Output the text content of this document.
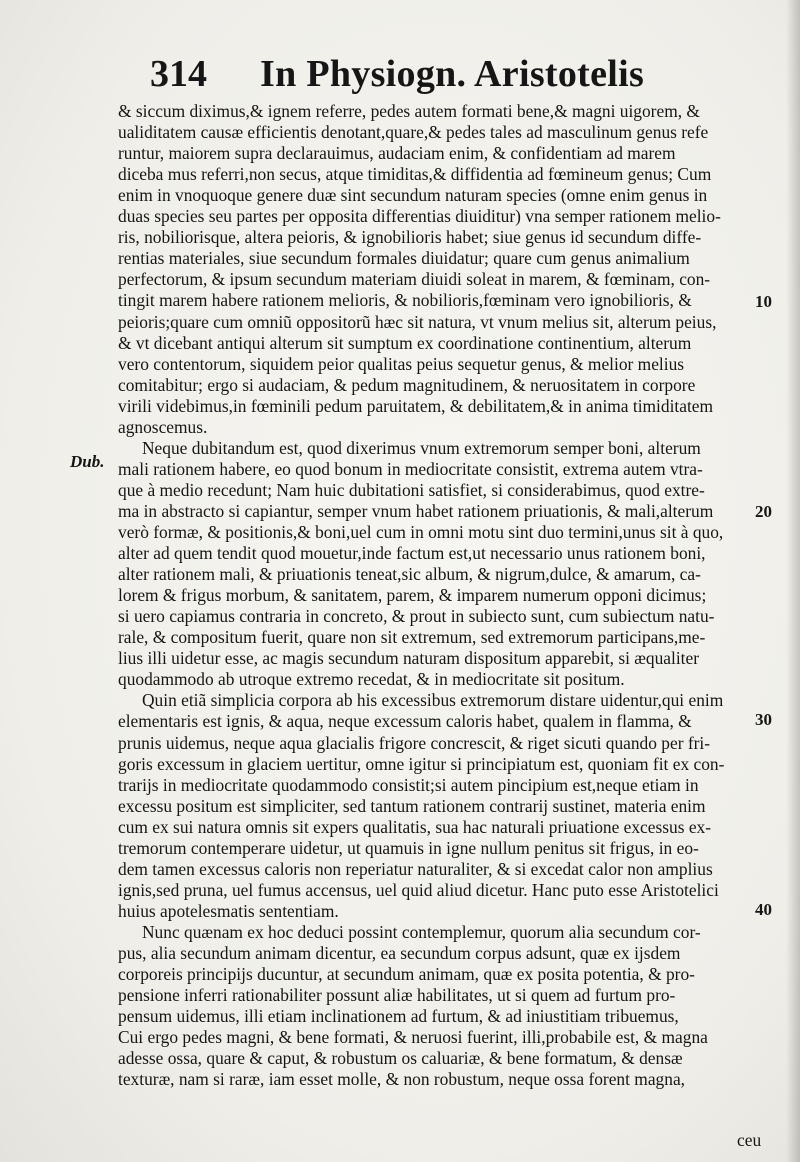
314 In Physiogn. Aristotelis
Dub.
10
20
30
40
& siccum diximus,& ignem referre, pedes autem formati bene,& magni uigorem, &
ualiditatem causæ efficientis denotant,quare,& pedes tales ad masculinum genus refe
runtur, maiorem supra declarauimus, audaciam enim, & confidentiam ad marem
diceba mus referri,non secus, atque timiditas,& diffidentia ad fœmineum genus; Cum
enim in vnoquoque genere duæ sint secundum naturam species (omne enim genus in
duas species seu partes per opposita differentias diuiditur) vna semper rationem melio-
ris, nobiliorisque, altera peioris, & ignobilioris habet; siue genus id secundum diffe-
rentias materiales, siue secundum formales diuidatur; quare cum genus animalium
perfectorum, & ipsum secundum materiam diuidi soleat in marem, & fœminam, con-
tingit marem habere rationem melioris, & nobilioris,fœminam vero ignobilioris, &
peioris;quare cum omniũ oppositorũ hæc sit natura, vt vnum melius sit, alterum peius,
& vt dicebant antiqui alterum sit sumptum ex coordinatione continentium, alterum
vero contentorum, siquidem peior qualitas peius sequetur genus, & melior melius
comitabitur; ergo si audaciam, & pedum magnitudinem, & neruositatem in corpore
virili videbimus,in fœminili pedum paruitatem, & debilitatem,& in anima timiditatem
agnoscemus.
Neque dubitandum est, quod dixerimus vnum extremorum semper boni, alterum
mali rationem habere, eo quod bonum in mediocritate consistit, extrema autem vtra-
que à medio recedunt; Nam huic dubitationi satisfiet, si considerabimus, quod extre-
ma in abstracto si capiantur, semper vnum habet rationem priuationis, & mali,alterum
verò formæ, & positionis,& boni,uel cum in omni motu sint duo termini,unus sit à quo,
alter ad quem tendit quod mouetur,inde factum est,ut necessario unus rationem boni,
alter rationem mali, & priuationis teneat,sic album, & nigrum,dulce, & amarum, ca-
lorem & frigus morbum, & sanitatem, parem, & imparem numerum opponi dicimus;
si uero capiamus contraria in concreto, & prout in subiecto sunt, cum subiectum natu-
rale, & compositum fuerit, quare non sit extremum, sed extremorum participans,me-
lius illi uidetur esse, ac magis secundum naturam dispositum apparebit, si æqualiter
quodammodo ab utroque extremo recedat, & in mediocritate sit positum.
Quin etiã simplicia corpora ab his excessibus extremorum distare uidentur,qui enim
elementaris est ignis, & aqua, neque excessum caloris habet, qualem in flamma, &
prunis uidemus, neque aqua glacialis frigore concrescit, & riget sicuti quando per fri-
goris excessum in glaciem uertitur, omne igitur si principiatum est, quoniam fit ex con-
trarijs in mediocritate quodammodo consistit;si autem pincipium est,neque etiam in
excessu positum est simpliciter, sed tantum rationem contrarij sustinet, materia enim
cum ex sui natura omnis sit expers qualitatis, sua hac naturali priuatione excessus ex-
tremorum contemperare uidetur, ut quamuis in igne nullum penitus sit frigus, in eo-
dem tamen excessus caloris non reperiatur naturaliter, & si excedat calor non amplius
ignis,sed pruna, uel fumus accensus, uel quid aliud dicetur. Hanc puto esse Aristotelici
huius apotelesmatis sententiam.
Nunc quænam ex hoc deduci possint contemplemur, quorum alia secundum cor-
pus, alia secundum animam dicentur, ea secundum corpus adsunt, quæ ex ijsdem
corporeis principijs ducuntur, at secundum animam, quæ ex posita potentia, & pro-
pensione inferri rationabiliter possunt aliæ habilitates, ut si quem ad furtum pro-
pensum uidemus, illi etiam inclinationem ad furtum, & ad iniustitiam tribuemus,
Cui ergo pedes magni, & bene formati, & neruosi fuerint, illi,probabile est, & magna
adesse ossa, quare & caput, & robustum os caluariæ, & bene formatum, & densæ
texturæ, nam si raræ, iam esset molle, & non robustum, neque ossa forent magna,
ceu
